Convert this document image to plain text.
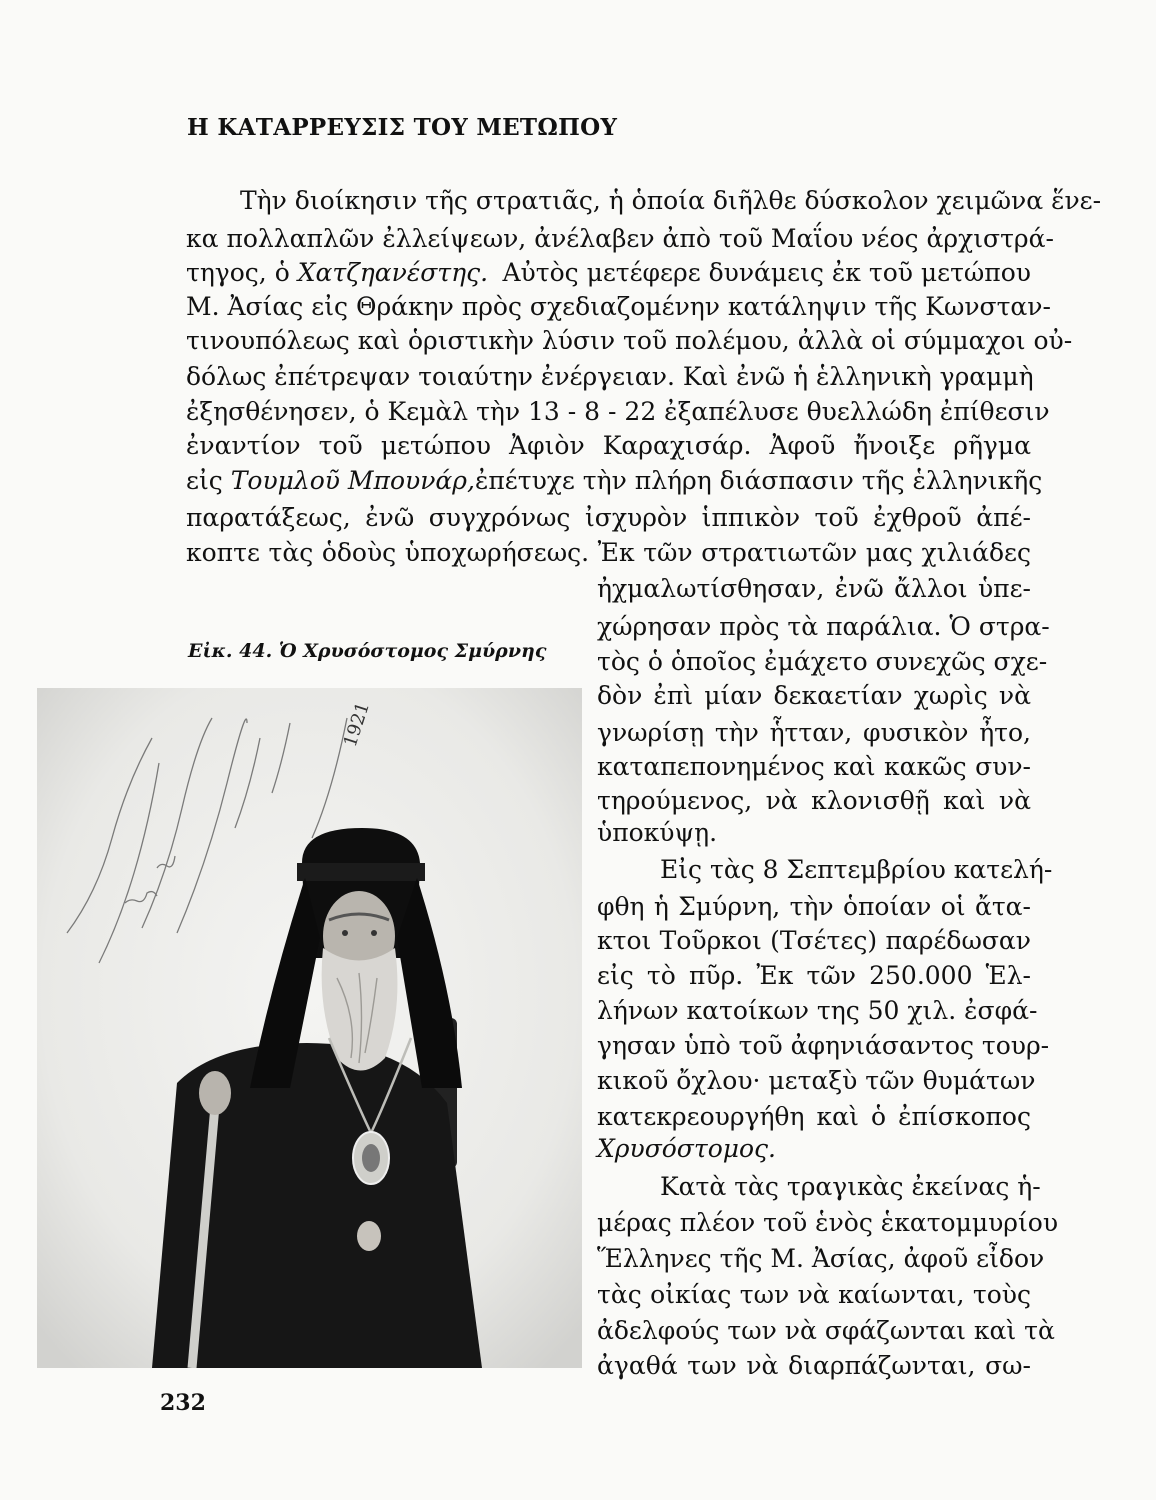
Η ΚΑΤΑΡΡΕΥΣΙΣ ΤΟΥ ΜΕΤΩΠΟΥ
Τὴν διοίκησιν τῆς στρατιᾶς, ἡ ὁποία διῆλθε δύσκολον χειμῶνα ἕνε-
κα πολλαπλῶν ἐλλείψεων, ἀνέλαβεν ἀπὸ τοῦ Μαΐου νέος ἀρχιστρά-
τηγος, ὁ Χατζηανέστης. Αὐτὸς μετέφερε δυνάμεις ἐκ τοῦ μετώπου
Μ. Ἀσίας εἰς Θράκην πρὸς σχεδιαζομένην κατάληψιν τῆς Κωνσταν-
τινουπόλεως καὶ ὁριστικὴν λύσιν τοῦ πολέμου, ἀλλὰ οἱ σύμμαχοι οὐ-
δόλως ἐπέτρεψαν τοιαύτην ἐνέργειαν. Καὶ ἐνῶ ἡ ἑλληνικὴ γραμμὴ
ἐξησθένησεν, ὁ Κεμὰλ τὴν 13 - 8 - 22 ἐξαπέλυσε θυελλώδη ἐπίθεσιν
ἐναντίον τοῦ μετώπου Ἀφιὸν Καραχισάρ. Ἀφοῦ ἤνοιξε ρῆγμα
εἰς Τουμλοῦ Μπουνάρ, ἐπέτυχε τὴν πλήρη διάσπασιν τῆς ἑλληνικῆς
παρατάξεως, ἐνῶ συγχρόνως ἰσχυρὸν ἱππικὸν τοῦ ἐχθροῦ ἀπέ-
κοπτε τὰς ὁδοὺς ὑποχωρήσεως. Ἐκ τῶν στρατιωτῶν μας χιλιάδες
ἠχμαλωτίσθησαν, ἐνῶ ἄλλοι ὑπε-
χώρησαν πρὸς τὰ παράλια. Ὁ στρα-
τὸς ὁ ὁποῖος ἐμάχετο συνεχῶς σχε-
δὸν ἐπὶ μίαν δεκαετίαν χωρὶς νὰ
γνωρίσῃ τὴν ἧτταν, φυσικὸν ἦτο,
καταπεπονημένος καὶ κακῶς συν-
τηρούμενος, νὰ κλονισθῇ καὶ νὰ
ὑποκύψῃ.
Εἰς τὰς 8 Σεπτεμβρίου κατελή-
φθη ἡ Σμύρνη, τὴν ὁποίαν οἱ ἄτα-
κτοι Τοῦρκοι (Τσέτες) παρέδωσαν
εἰς τὸ πῦρ. Ἐκ τῶν 250.000 Ἑλ-
λήνων κατοίκων της 50 χιλ. ἐσφά-
γησαν ὑπὸ τοῦ ἀφηνιάσαντος τουρ-
κικοῦ ὄχλου· μεταξὺ τῶν θυμάτων
κατεκρεουργήθη καὶ ὁ ἐπίσκοπος
Χρυσόστομος.
Κατὰ τὰς τραγικὰς ἐκείνας ἡ-
μέρας πλέον τοῦ ἑνὸς ἑκατομμυρίου
Ἕλληνες τῆς Μ. Ἀσίας, ἀφοῦ εἶδον
τὰς οἰκίας των νὰ καίωνται, τοὺς
ἀδελφούς των νὰ σφάζωνται καὶ τὰ
ἀγαθά των νὰ διαρπάζωνται, σω-
Εἰκ. 44. Ὁ Χρυσόστομος Σμύρνης
1921
232
